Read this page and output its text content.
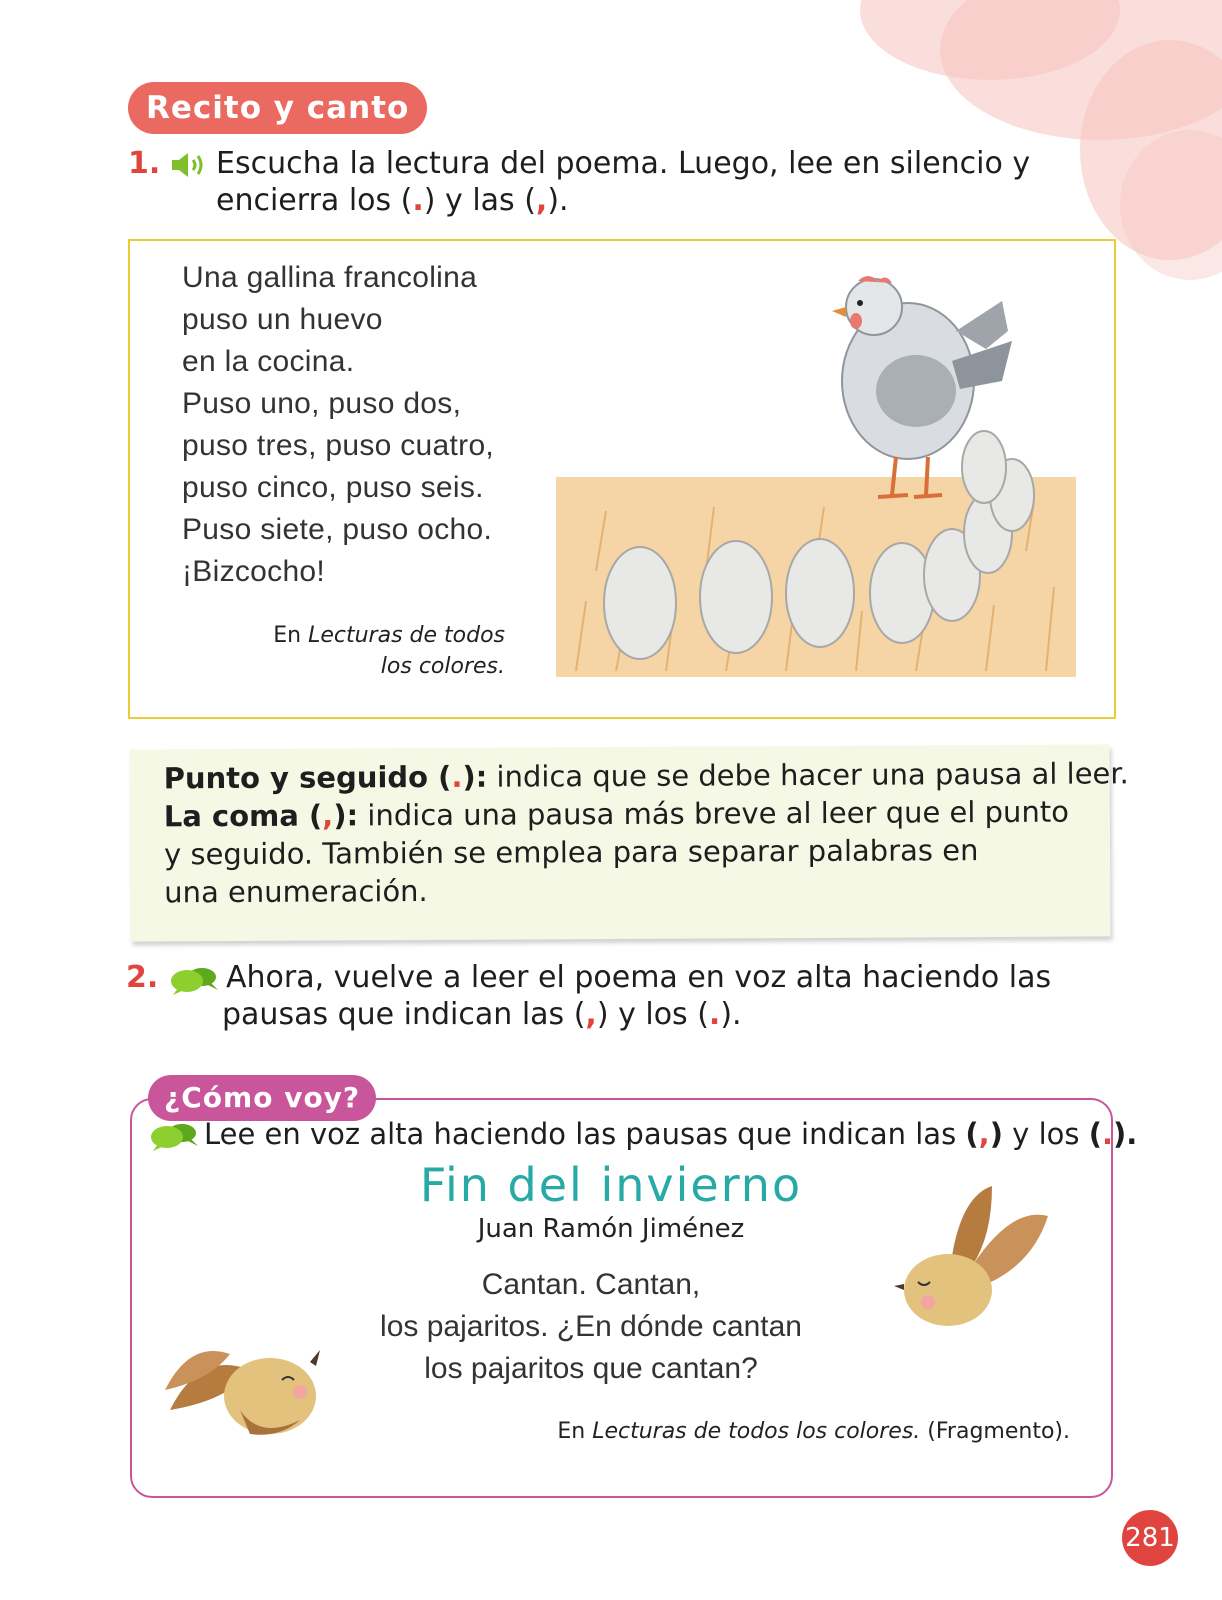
Recito y canto
1. Escucha la lectura del poema. Luego, lee en silencio y
encierra los (.) y las (,).
Una gallina francolina
puso un huevo
en la cocina.
Puso uno, puso dos,
puso tres, puso cuatro,
puso cinco, puso seis.
Puso siete, puso ocho.
¡Bizcocho!
En Lecturas de todos
los colores.
Punto y seguido (.): indica que se debe hacer una pausa al leer.
La coma (,): indica una pausa más breve al leer que el punto
y seguido. También se emplea para separar palabras en
una enumeración.
2. Ahora, vuelve a leer el poema en voz alta haciendo las
pausas que indican las (,) y los (.).
¿Cómo voy?
Lee en voz alta haciendo las pausas que indican las (,) y los (.).
Fin del invierno
Juan Ramón Jiménez
Cantan. Cantan,
los pajaritos. ¿En dónde cantan
los pajaritos que cantan?
En Lecturas de todos los colores. (Fragmento).
281
